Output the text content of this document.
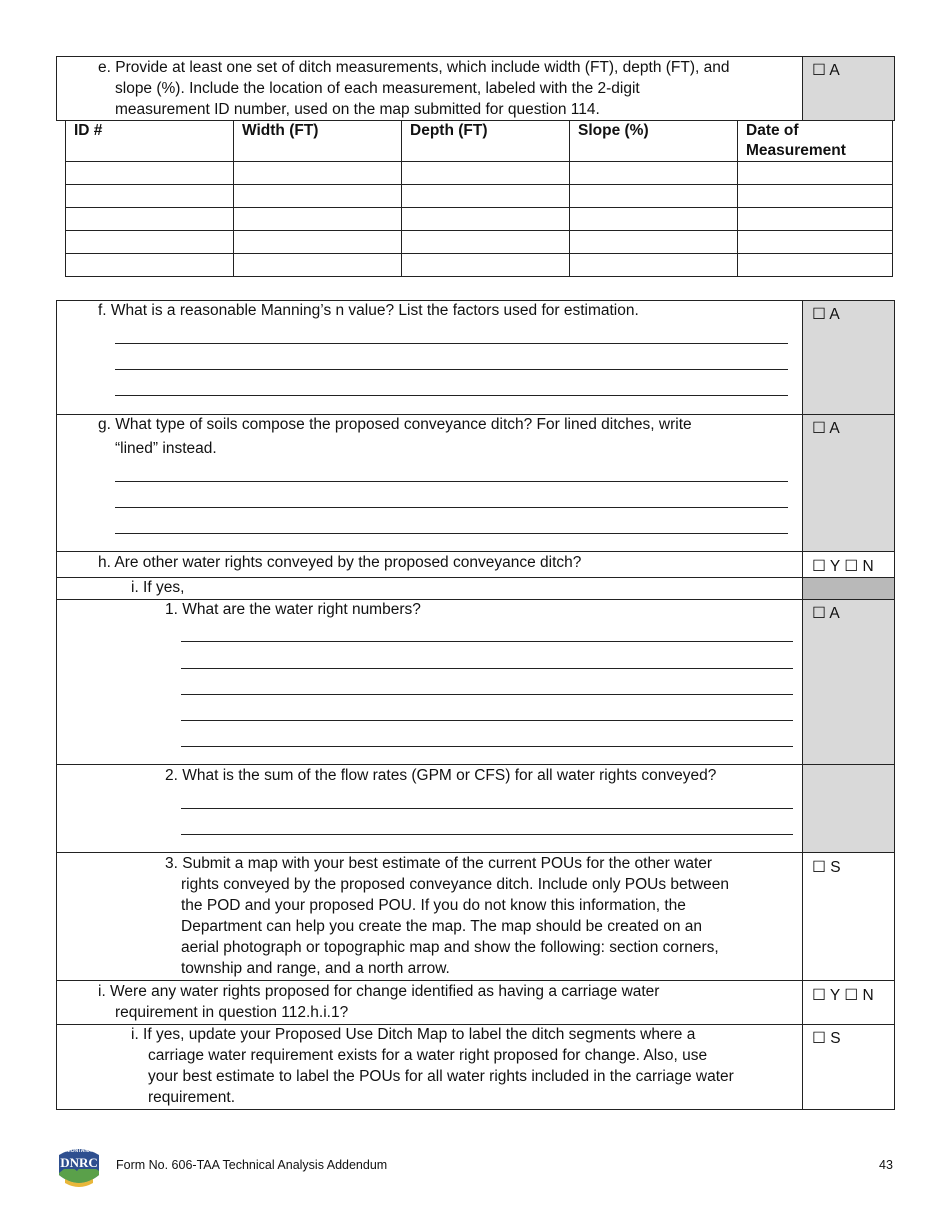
e. Provide at least one set of ditch measurements, which include width (FT), depth (FT), and
slope (%). Include the location of each measurement, labeled with the 2-digit
measurement ID number, used on the map submitted for question 114.
☐ A
ID #	Width (FT)	Depth (FT)	Slope (%)	Date of Measurement

f. What is a reasonable Manning’s n value? List the factors used for estimation.	☐ A
g. What type of soils compose the proposed conveyance ditch? For lined ditches, write
“lined” instead.
☐ A
h. Are other water rights conveyed by the proposed conveyance ditch?	☐ Y ☐ N
i. If yes,
1. What are the water right numbers?	☐ A
2. What is the sum of the flow rates (GPM or CFS) for all water rights conveyed?
3. Submit a map with your best estimate of the current POUs for the other water
rights conveyed by the proposed conveyance ditch. Include only POUs between
the POD and your proposed POU. If you do not know this information, the
Department can help you create the map. The map should be created on an
aerial photograph or topographic map and show the following: section corners,
township and range, and a north arrow.
☐ S
i. Were any water rights proposed for change identified as having a carriage water
requirement in question 112.h.i.1?
☐ Y ☐ N
i. If yes, update your Proposed Use Ditch Map to label the ditch segments where a
carriage water requirement exists for a water right proposed for change. Also, use
your best estimate to label the POUs for all water rights included in the carriage water
requirement.
☐ S
MONTANA
DNRC	Form No. 606-TAA Technical Analysis Addendum	43
